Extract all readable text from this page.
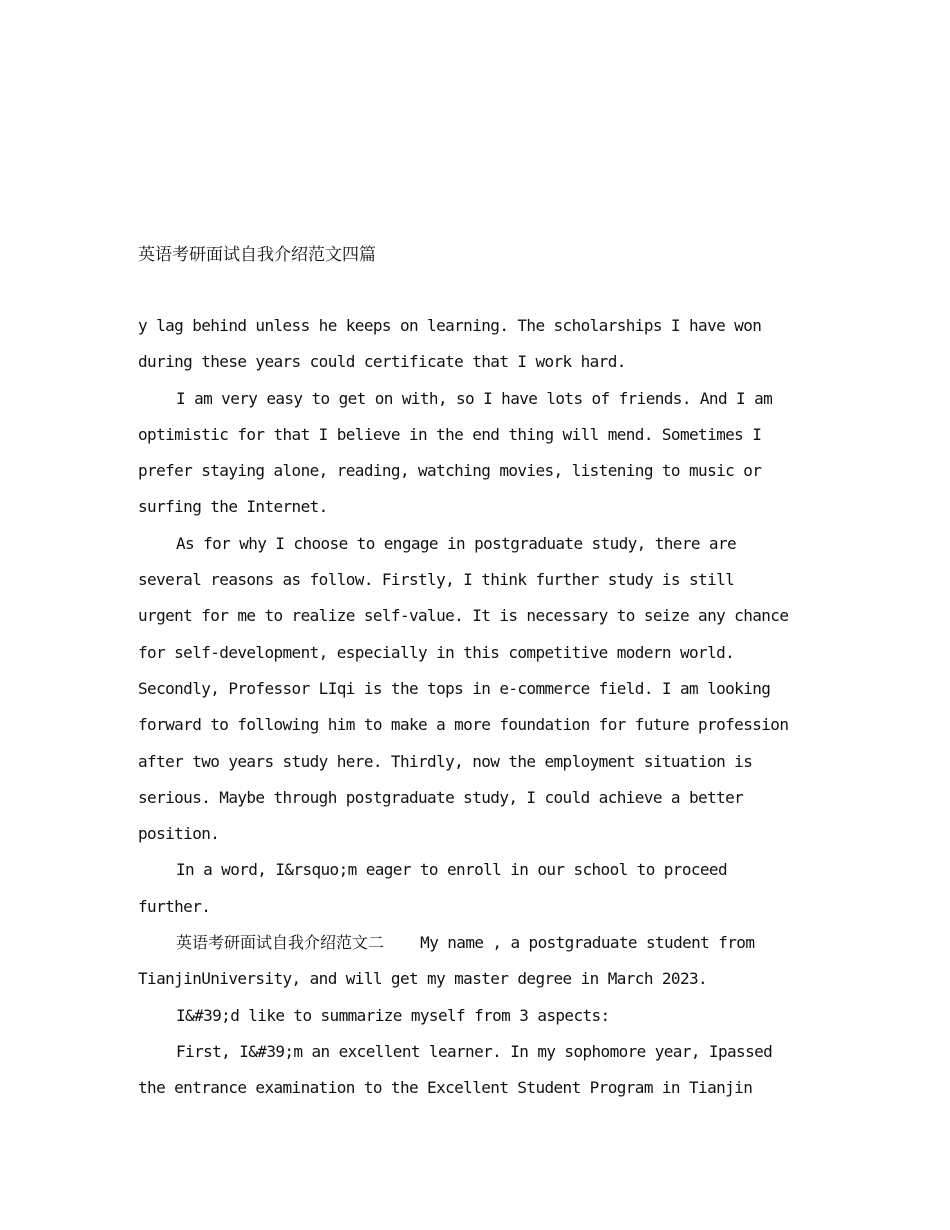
英语考研面试自我介绍范文四篇
y lag behind unless he keeps on learning. The scholarships I have won
during these years could certificate that I work hard.
I am very easy to get on with, so I have lots of friends. And I am
optimistic for that I believe in the end thing will mend. Sometimes I
prefer staying alone, reading, watching movies, listening to music or
surfing the Internet.
As for why I choose to engage in postgraduate study, there are
several reasons as follow. Firstly, I think further study is still
urgent for me to realize self-value. It is necessary to seize any chance
for self-development, especially in this competitive modern world.
Secondly, Professor LIqi is the tops in e-commerce field. I am looking
forward to following him to make a more foundation for future profession
after two years study here. Thirdly, now the employment situation is
serious. Maybe through postgraduate study, I could achieve a better
position.
In a word, I&rsquo;m eager to enroll in our school to proceed
further.
英语考研面试自我介绍范文二 My name , a postgraduate student from
TianjinUniversity, and will get my master degree in March 2023.
I&#39;d like to summarize myself from 3 aspects:
First, I&#39;m an excellent learner. In my sophomore year, Ipassed
the entrance examination to the Excellent Student Program in Tianjin
